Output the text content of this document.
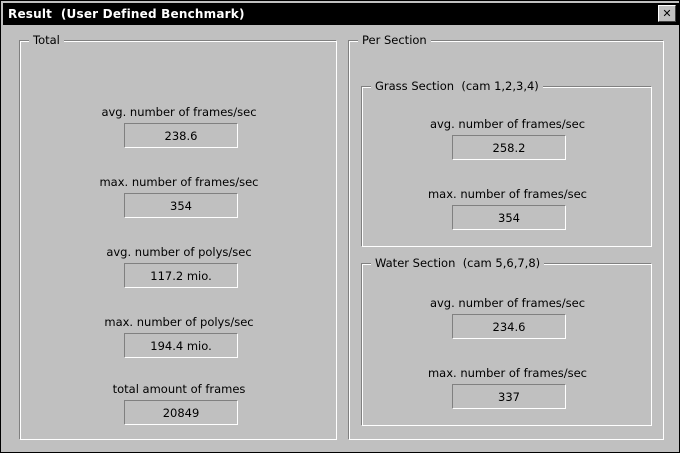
Result  (User Defined Benchmark)	✕
Total
avg. number of frames/sec
238.6
max. number of frames/sec
354
avg. number of polys/sec
117.2 mio.
max. number of polys/sec
194.4 mio.
total amount of frames
20849
Per Section
Grass Section  (cam 1,2,3,4)
avg. number of frames/sec
258.2
max. number of frames/sec
354
Water Section  (cam 5,6,7,8)
avg. number of frames/sec
234.6
max. number of frames/sec
337
